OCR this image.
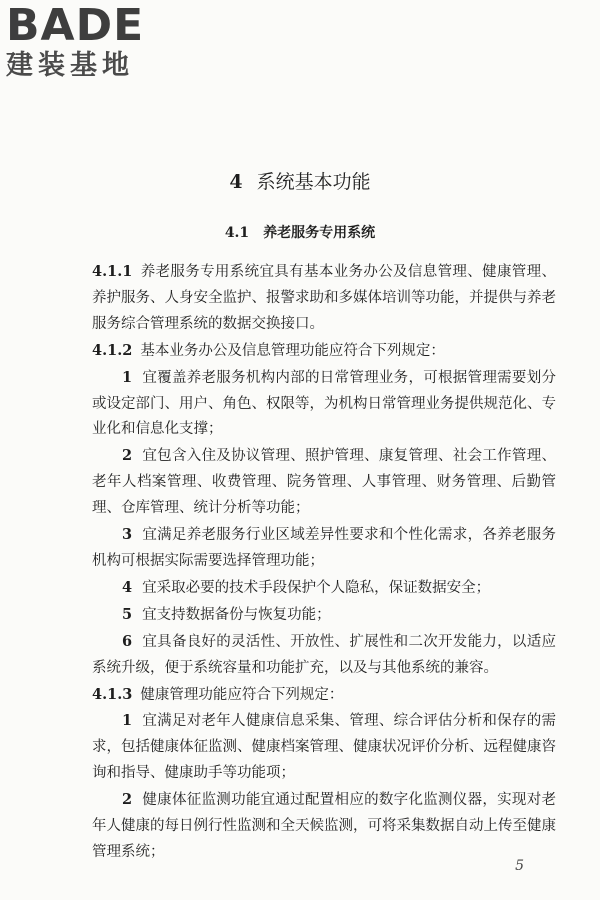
BADE
建装基地
4 系统基本功能
4.1 养老服务专用系统

4.1.1 养老服务专用系统宜具有基本业务办公及信息管理、健康管理、养护服务、人身安全监护、报警求助和多媒体培训等功能，并提供与养老服务综合管理系统的数据交换接口。

4.1.2 基本业务办公及信息管理功能应符合下列规定：

1 宜覆盖养老服务机构内部的日常管理业务，可根据管理需要划分或设定部门、用户、角色、权限等，为机构日常管理业务提供规范化、专业化和信息化支撑；

2 宜包含入住及协议管理、照护管理、康复管理、社会工作管理、老年人档案管理、收费管理、院务管理、人事管理、财务管理、后勤管理、仓库管理、统计分析等功能；

3 宜满足养老服务行业区域差异性要求和个性化需求，各养老服务机构可根据实际需要选择管理功能；

4 宜采取必要的技术手段保护个人隐私，保证数据安全；

5 宜支持数据备份与恢复功能；

6 宜具备良好的灵活性、开放性、扩展性和二次开发能力，以适应系统升级，便于系统容量和功能扩充，以及与其他系统的兼容。

4.1.3 健康管理功能应符合下列规定：

1 宜满足对老年人健康信息采集、管理、综合评估分析和保存的需求，包括健康体征监测、健康档案管理、健康状况评价分析、远程健康咨询和指导、健康助手等功能项；

2 健康体征监测功能宜通过配置相应的数字化监测仪器，实现对老年人健康的每日例行性监测和全天候监测，可将采集数据自动上传至健康管理系统；

5
